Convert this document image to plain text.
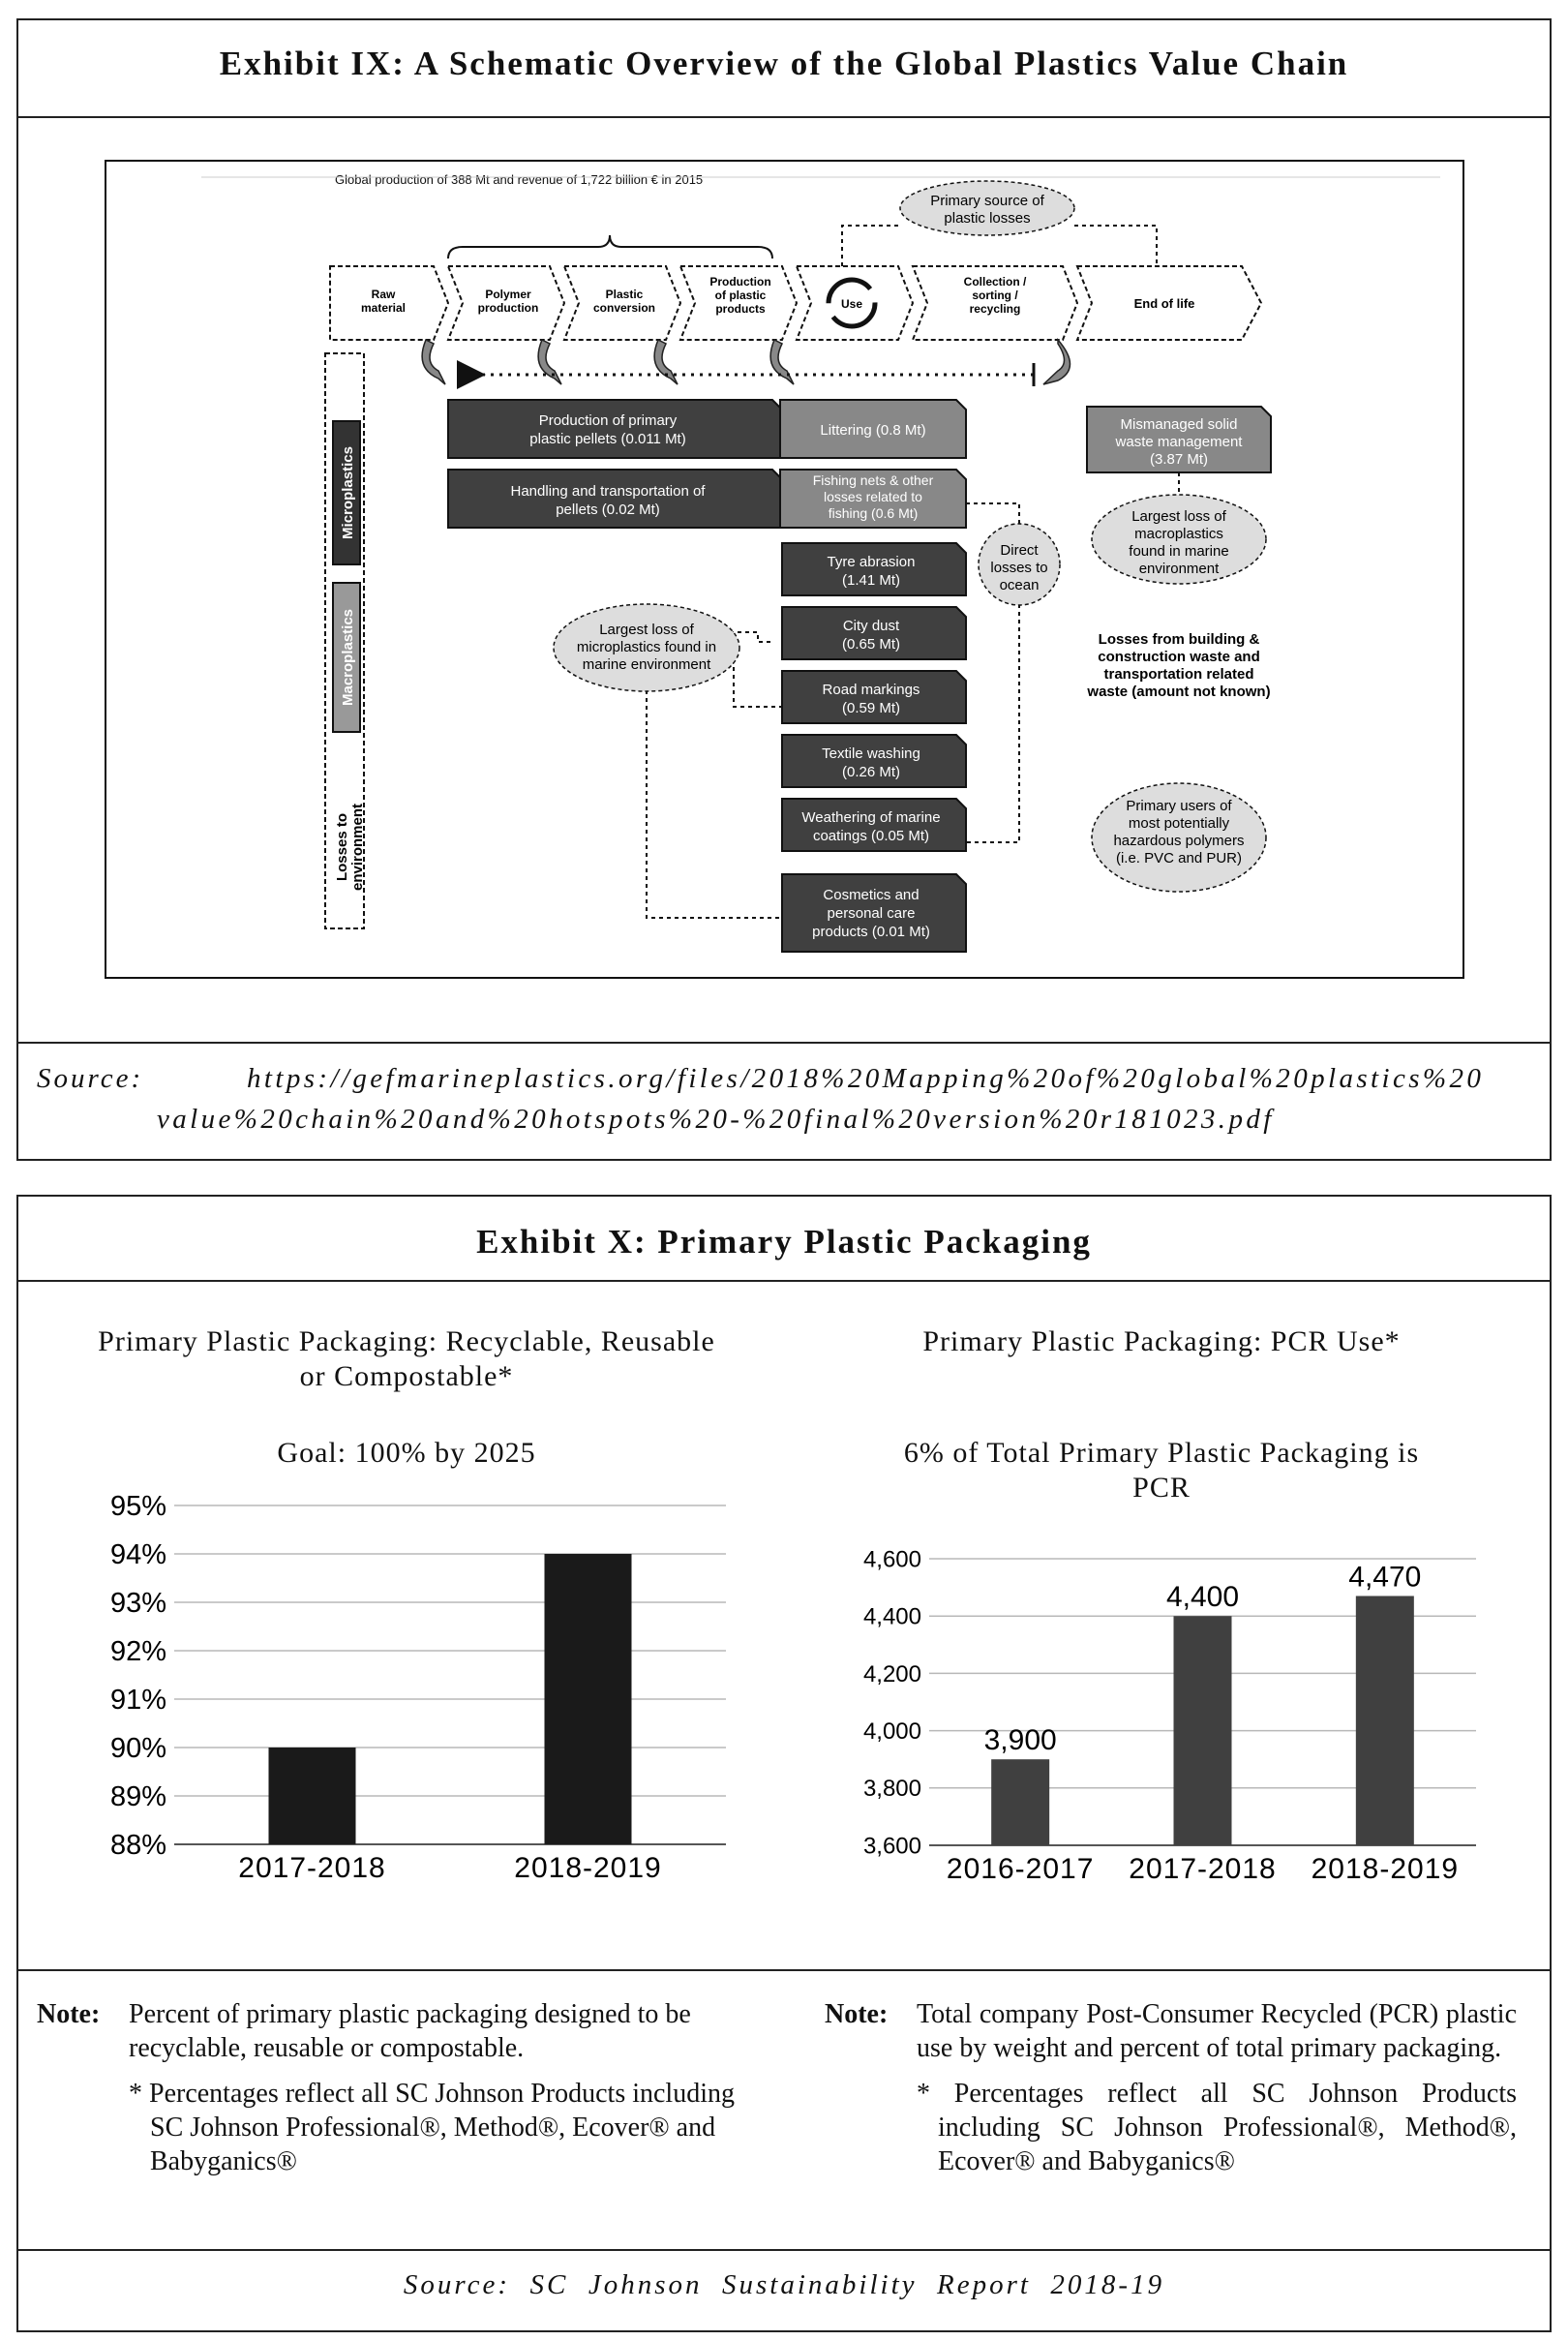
Exhibit IX: A Schematic Overview of the Global Plastics Value Chain
Global production of 388 Mt and revenue of 1,722 billion € in 2015
Raw
material
Polymer
production
Plastic
conversion
Production
of plastic
products	Use
Collection /
sorting /
recycling	End of life
Primary source of
plastic losses
Microplastics
Macroplastics
Losses to environment
Production of primary
plastic pellets (0.011 Mt)
Handling and transportation of
pellets (0.02 Mt)
Littering (0.8 Mt)
Fishing nets & other
losses related to
fishing (0.6 Mt)
Tyre abrasion
(1.41 Mt)
City dust
(0.65 Mt)
Road markings
(0.59 Mt)
Textile washing
(0.26 Mt)
Weathering of marine
coatings (0.05 Mt)
Cosmetics and
personal care
products (0.01 Mt)
Mismanaged solid
waste management
(3.87 Mt)
Direct
losses to
ocean
Largest loss of
microplastics found in
marine environment
Largest loss of
macroplastics
found in marine
environment
Losses from building &
construction waste and
transportation related
waste (amount not known)
Primary users of
most potentially
hazardous polymers
(i.e. PVC and PUR)
Source:	https://gefmarineplastics.org/files/2018%20Mapping%20of%20global%20plastics%20
value%20chain%20and%20hotspots%20-%20final%20version%20r181023.pdf
Exhibit X: Primary Plastic Packaging
Primary Plastic Packaging: Recyclable, Reusable or Compostable*
Goal: 100% by 2025
88%
89%
90%
91%
92%
93%
94%
95%
2017-2018	2018-2019
Primary Plastic Packaging: PCR Use*
6% of Total Primary Plastic Packaging is PCR
3,600
3,800
4,000
4,200
4,400
4,600
2016-2017
3,900
2017-2018
4,400
2018-2019
4,470
Note: Percent of primary plastic packaging designed to be recyclable, reusable or compostable.
* Percentages reflect all SC Johnson Products including SC Johnson Professional®, Method®, Ecover® and Babyganics®
Note: Total company Post-Consumer Recycled (PCR) plastic use by weight and percent of total primary packaging.
* Percentages reflect all SC Johnson Products including SC Johnson Professional®, Method®, Ecover® and Babyganics®
Source:  SC  Johnson  Sustainability  Report  2018-19
